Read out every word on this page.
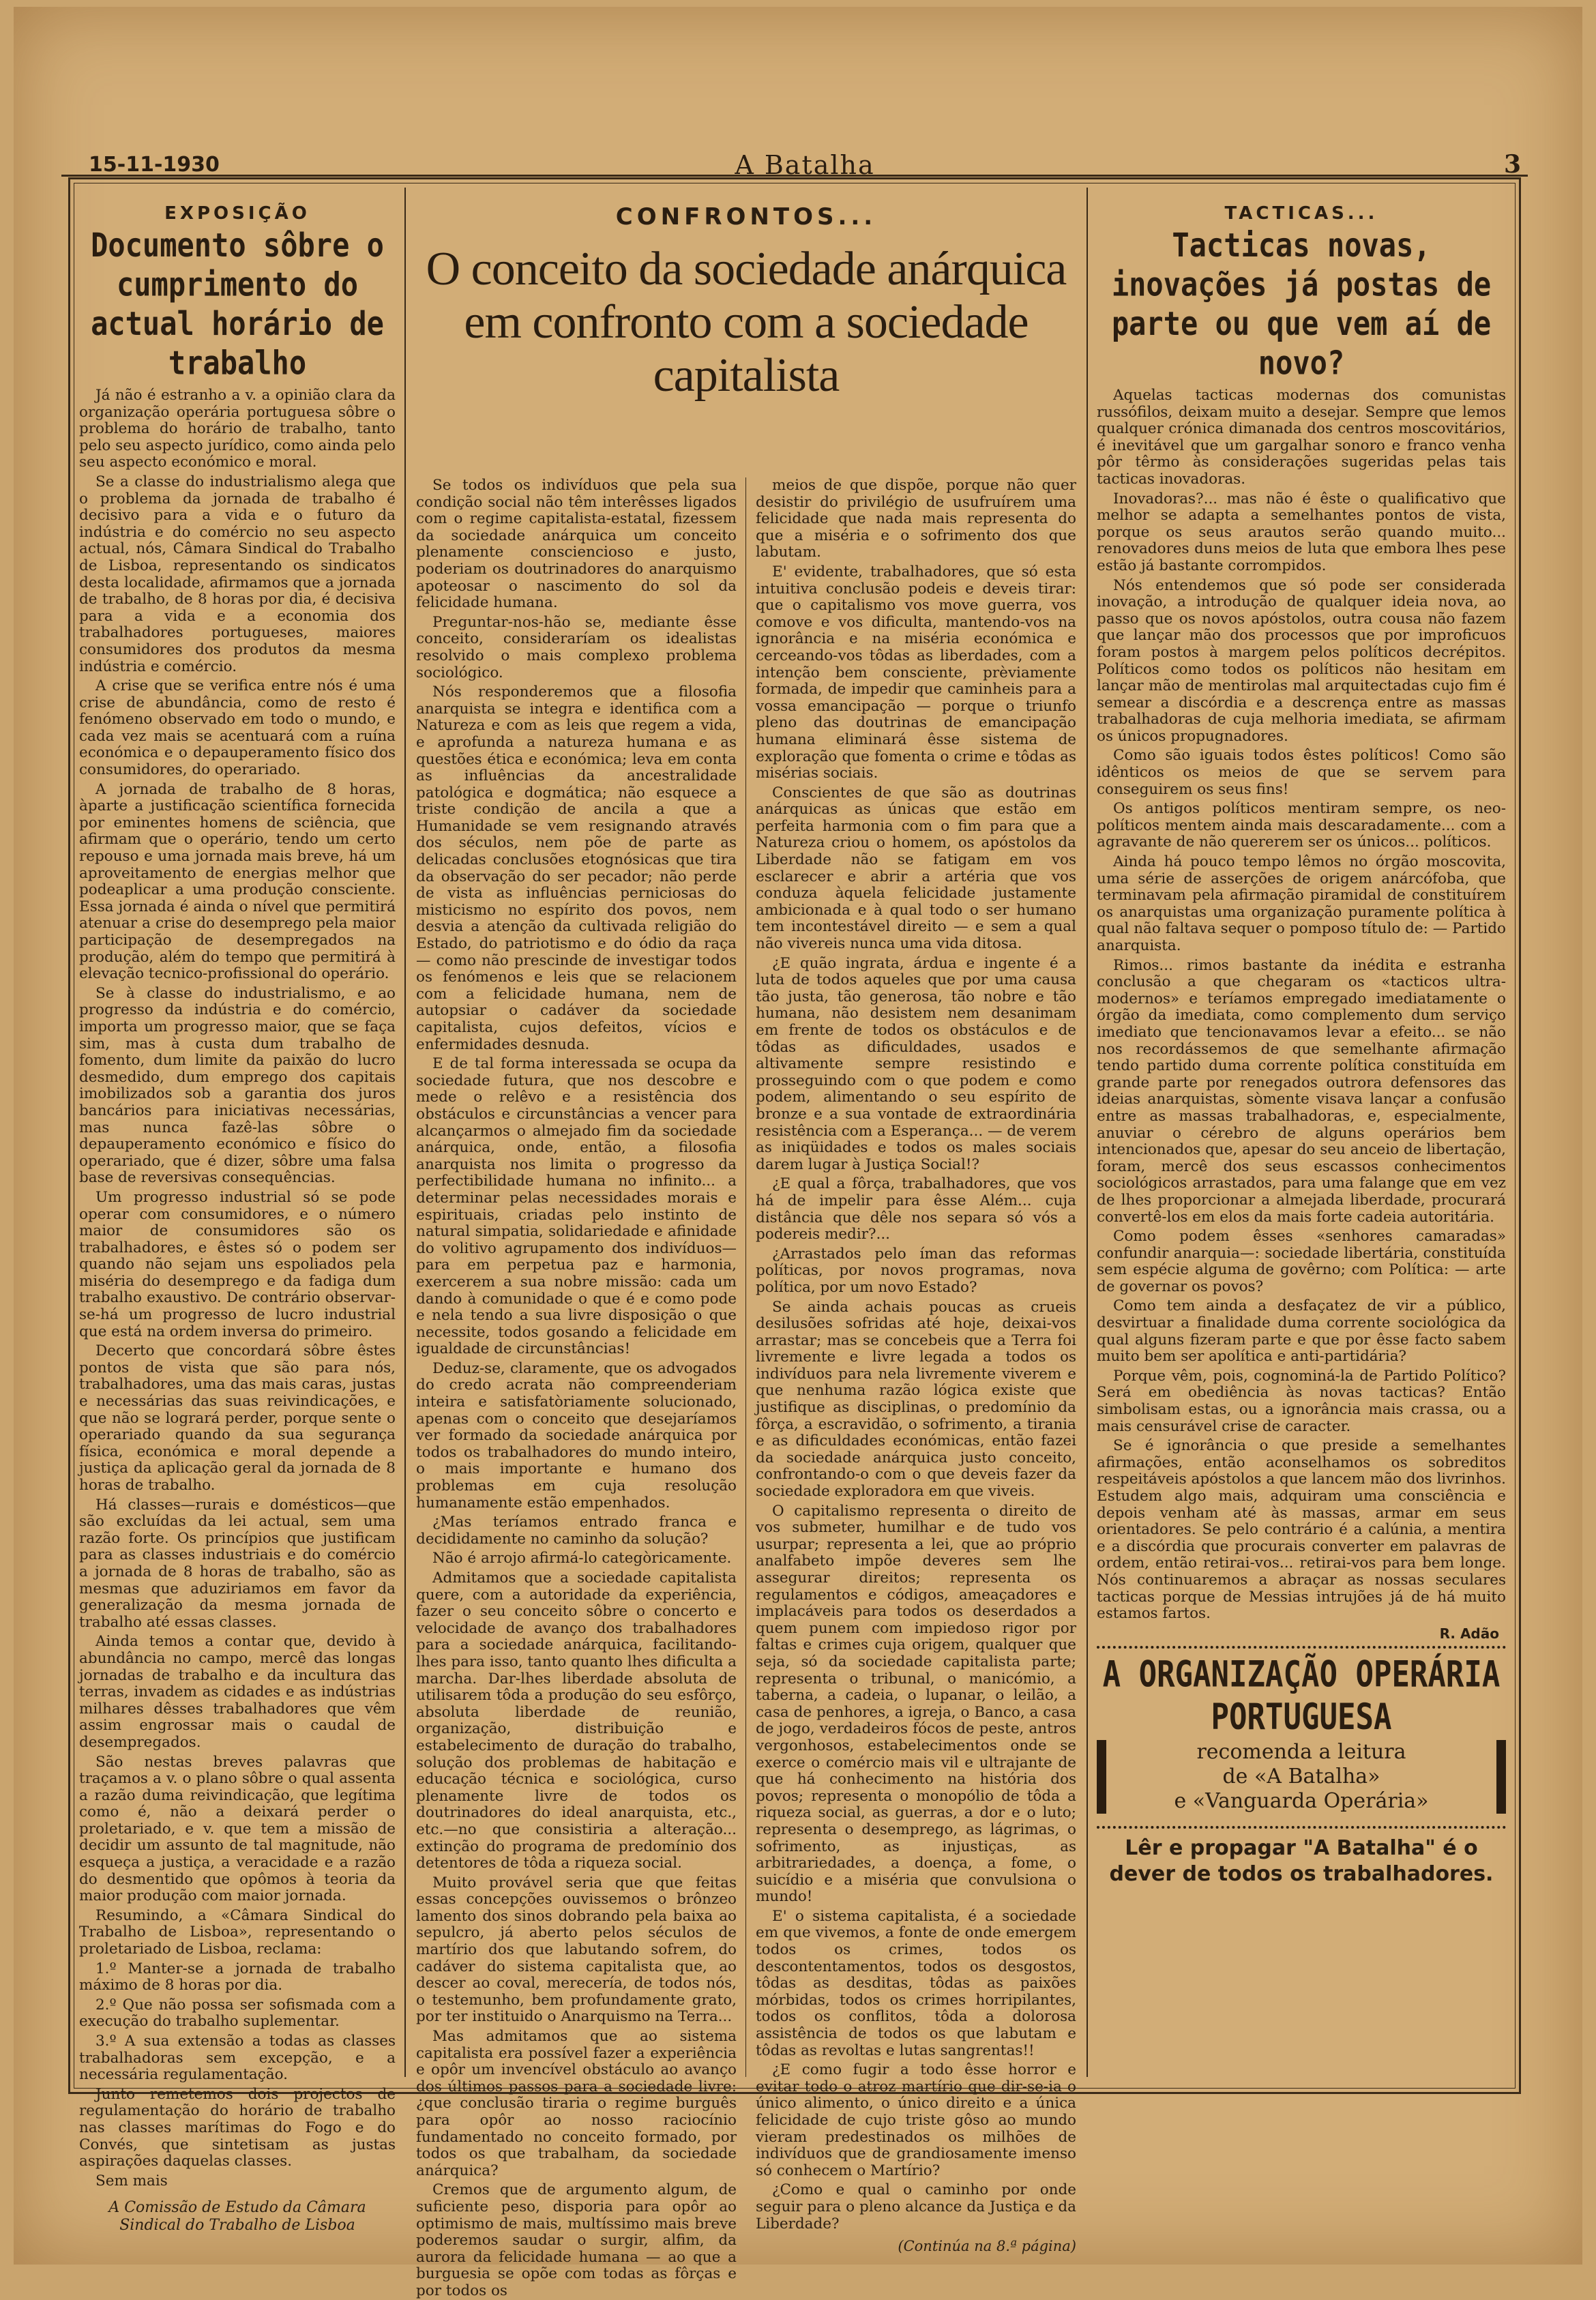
15-11-1930	A Batalha	3
EXPOSIÇÃO
Documento sôbre o cumprimento do actual horário de trabalho

Já não é estranho a v. a opinião clara da organização operária portuguesa sôbre o problema do horário de trabalho, tanto pelo seu aspecto jurídico, como ainda pelo seu aspecto económico e moral.

Se a classe do industrialismo alega que o problema da jornada de trabalho é decisivo para a vida e o futuro da indústria e do comércio no seu aspecto actual, nós, Câmara Sindical do Trabalho de Lisboa, representando os sindicatos desta localidade, afirmamos que a jornada de trabalho, de 8 horas por dia, é decisiva para a vida e a economia dos trabalhadores portugueses, maiores consumidores dos produtos da mesma indústria e comércio.

A crise que se verifica entre nós é uma crise de abundância, como de resto é fenómeno observado em todo o mundo, e cada vez mais se acentuará com a ruína económica e o depauperamento físico dos consumidores, do operariado.

A jornada de trabalho de 8 horas, àparte a justificação scientífica fornecida por eminentes homens de sciência, que afirmam que o operário, tendo um certo repouso e uma jornada mais breve, há um aproveitamento de energias melhor que podeaplicar a uma produção consciente. Essa jornada é ainda o nível que permitirá atenuar a crise do desemprego pela maior participação de desempregados na produção, além do tempo que permitirá à elevação tecnico-profissional do operário.

Se à classe do industrialismo, e ao progresso da indústria e do comércio, importa um progresso maior, que se faça sim, mas à custa dum trabalho de fomento, dum limite da paixão do lucro desmedido, dum emprego dos capitais imobilizados sob a garantia dos juros bancários para iniciativas necessárias, mas nunca fazê-las sôbre o depauperamento económico e físico do operariado, que é dizer, sôbre uma falsa base de reversivas consequências.

Um progresso industrial só se pode operar com consumidores, e o número maior de consumidores são os trabalhadores, e êstes só o podem ser quando não sejam uns espoliados pela miséria do desemprego e da fadiga dum trabalho exaustivo. De contrário observar-se-há um progresso de lucro industrial que está na ordem inversa do primeiro.

Decerto que concordará sôbre êstes pontos de vista que são para nós, trabalhadores, uma das mais caras, justas e necessárias das suas reivindicações, e que não se logrará perder, porque sente o operariado quando da sua segurança física, económica e moral depende a justiça da aplicação geral da jornada de 8 horas de trabalho.

Há classes—rurais e domésticos—que são excluídas da lei actual, sem uma razão forte. Os princípios que justificam para as classes industriais e do comércio a jornada de 8 horas de trabalho, são as mesmas que aduziriamos em favor da generalização da mesma jornada de trabalho até essas classes.

Ainda temos a contar que, devido à abundância no campo, mercê das longas jornadas de trabalho e da incultura das terras, invadem as cidades e as indústrias milhares dêsses trabalhadores que vêm assim engrossar mais o caudal de desempregados.

São nestas breves palavras que traçamos a v. o plano sôbre o qual assenta a razão duma reivindicação, que legítima como é, não a deixará perder o proletariado, e v. que tem a missão de decidir um assunto de tal magnitude, não esqueça a justiça, a veracidade e a razão do desmentido que opômos à teoria da maior produção com maior jornada.

Resumindo, a «Câmara Sindical do Trabalho de Lisboa», representando o proletariado de Lisboa, reclama:

1.º Manter-se a jornada de trabalho máximo de 8 horas por dia.

2.º Que não possa ser sofismada com a execução do trabalho suplementar.

3.º A sua extensão a todas as classes trabalhadoras sem excepção, e a necessária regulamentação.

Junto remetemos dois projectos de regulamentação do horário de trabalho nas classes marítimas do Fogo e do Convés, que sintetisam as justas aspirações daquelas classes.

Sem mais

A Comissão de Estudo da Câmara Sindical do Trabalho de Lisboa
CONFRONTOS...
O conceito da sociedade anárquica em confronto com a sociedade capitalista

Se todos os indivíduos que pela sua condição social não têm interêsses ligados com o regime capitalista-estatal, fizessem da sociedade anárquica um conceito plenamente consciencioso e justo, poderiam os doutrinadores do anarquismo apoteosar o nascimento do sol da felicidade humana.

Preguntar-nos-hão se, mediante êsse conceito, consideraríam os idealistas resolvido o mais complexo problema sociológico.

Nós responderemos que a filosofia anarquista se integra e identifica com a Natureza e com as leis que regem a vida, e aprofunda a natureza humana e as questões ética e económica; leva em conta as influências da ancestralidade patológica e dogmática; não esquece a triste condição de ancila a que a Humanidade se vem resignando através dos séculos, nem põe de parte as delicadas conclusões etognósicas que tira da observação do ser pecador; não perde de vista as influências perniciosas do misticismo no espírito dos povos, nem desvia a atenção da cultivada religião do Estado, do patriotismo e do ódio da raça — como não prescinde de investigar todos os fenómenos e leis que se relacionem com a felicidade humana, nem de autopsiar o cadáver da sociedade capitalista, cujos defeitos, vícios e enfermidades desnuda.

E de tal forma interessada se ocupa da sociedade futura, que nos descobre e mede o relêvo e a resistência dos obstáculos e circunstâncias a vencer para alcançarmos o almejado fim da sociedade anárquica, onde, então, a filosofia anarquista nos limita o progresso da perfectibilidade humana no infinito... a determinar pelas necessidades morais e espirituais, criadas pelo instinto de natural simpatia, solidariedade e afinidade do volitivo agrupamento dos indivíduos—para em perpetua paz e harmonia, exercerem a sua nobre missão: cada um dando à comunidade o que é e como pode e nela tendo a sua livre disposição o que necessite, todos gosando a felicidade em igualdade de circunstâncias!

Deduz-se, claramente, que os advogados do credo acrata não compreenderiam inteira e satisfatòriamente solucionado, apenas com o conceito que desejaríamos ver formado da sociedade anárquica por todos os trabalhadores do mundo inteiro, o mais importante e humano dos problemas em cuja resolução humanamente estão empenhados.

¿Mas teríamos entrado franca e decididamente no caminho da solução?

Não é arrojo afirmá-lo categòricamente.

Admitamos que a sociedade capitalista quere, com a autoridade da experiência, fazer o seu conceito sôbre o concerto e velocidade de avanço dos trabalhadores para a sociedade anárquica, facilitando-lhes para isso, tanto quanto lhes dificulta a marcha. Dar-lhes liberdade absoluta de utilisarem tôda a produção do seu esfôrço, absoluta liberdade de reunião, organização, distribuição e estabelecimento de duração do trabalho, solução dos problemas de habitação e educação técnica e sociológica, curso plenamente livre de todos os doutrinadores do ideal anarquista, etc., etc.—no que consistiria a alteração... extinção do programa de predomínio dos detentores de tôda a riqueza social.

Muito provável seria que que feitas essas concepções ouvissemos o brônzeo lamento dos sinos dobrando pela baixa ao sepulcro, já aberto pelos séculos de martírio dos que labutando sofrem, do cadáver do sistema capitalista que, ao descer ao coval, merecería, de todos nós, o testemunho, bem profundamente grato, por ter instituido o Anarquismo na Terra...

Mas admitamos que ao sistema capitalista era possível fazer a experiência e opôr um invencível obstáculo ao avanço dos últimos passos para a sociedade livre: ¿que conclusão tiraria o regime burguês para opôr ao nosso raciocínio fundamentado no conceito formado, por todos os que trabalham, da sociedade anárquica?

Cremos que de argumento algum, de suficiente peso, disporia para opôr ao optimismo de mais, multíssimo mais breve poderemos saudar o surgir, alfim, da aurora da felicidade humana — ao que a burguesia se opõe com todas as fôrças e por todos os

meios de que dispõe, porque não quer desistir do privilégio de usufruírem uma felicidade que nada mais representa do que a miséria e o sofrimento dos que labutam.

E' evidente, trabalhadores, que só esta intuitiva conclusão podeis e deveis tirar: que o capitalismo vos move guerra, vos comove e vos dificulta, mantendo-vos na ignorância e na miséria económica e cerceando-vos tôdas as liberdades, com a intenção bem consciente, prèviamente formada, de impedir que caminheis para a vossa emancipação — porque o triunfo pleno das doutrinas de emancipação humana eliminará êsse sistema de exploração que fomenta o crime e tôdas as misérias sociais.

Conscientes de que são as doutrinas anárquicas as únicas que estão em perfeita harmonia com o fim para que a Natureza criou o homem, os apóstolos da Liberdade não se fatigam em vos esclarecer e abrir a artéria que vos conduza àquela felicidade justamente ambicionada e à qual todo o ser humano tem incontestável direito — e sem a qual não vivereis nunca uma vida ditosa.

¿E quão ingrata, árdua e ingente é a luta de todos aqueles que por uma causa tão justa, tão generosa, tão nobre e tão humana, não desistem nem desanimam em frente de todos os obstáculos e de tôdas as dificuldades, usados e altivamente sempre resistindo e prosseguindo com o que podem e como podem, alimentando o seu espírito de bronze e a sua vontade de extraordinária resistência com a Esperança... — de verem as iniqüidades e todos os males sociais darem lugar à Justiça Social!?

¿E qual a fôrça, trabalhadores, que vos há de impelir para êsse Além... cuja distância que dêle nos separa só vós a podereis medir?...

¿Arrastados pelo íman das reformas políticas, por novos programas, nova política, por um novo Estado?

Se ainda achais poucas as crueis desilusões sofridas até hoje, deixai-vos arrastar; mas se concebeis que a Terra foi livremente e livre legada a todos os indivíduos para nela livremente viverem e que nenhuma razão lógica existe que justifique as disciplinas, o predomínio da fôrça, a escravidão, o sofrimento, a tirania e as dificuldades económicas, então fazei da sociedade anárquica justo conceito, confrontando-o com o que deveis fazer da sociedade exploradora em que viveis.

O capitalismo representa o direito de vos submeter, humilhar e de tudo vos usurpar; representa a lei, que ao próprio analfabeto impõe deveres sem lhe assegurar direitos; representa os regulamentos e códigos, ameaçadores e implacáveis para todos os deserdados a quem punem com impiedoso rigor por faltas e crimes cuja origem, qualquer que seja, só da sociedade capitalista parte; representa o tribunal, o manicómio, a taberna, a cadeia, o lupanar, o leilão, a casa de penhores, a igreja, o Banco, a casa de jogo, verdadeiros fócos de peste, antros vergonhosos, estabelecimentos onde se exerce o comércio mais vil e ultrajante de que há conhecimento na história dos povos; representa o monopólio de tôda a riqueza social, as guerras, a dor e o luto; representa o desemprego, as lágrimas, o sofrimento, as injustiças, as arbitrariedades, a doença, a fome, o suicídio e a miséria que convulsiona o mundo!

E' o sistema capitalista, é a sociedade em que vivemos, a fonte de onde emergem todos os crimes, todos os descontentamentos, todos os desgostos, tôdas as desditas, tôdas as paixões mórbidas, todos os crimes horripilantes, todos os conflitos, tôda a dolorosa assistência de todos os que labutam e tôdas as revoltas e lutas sangrentas!!

¿E como fugir a todo êsse horror e evitar todo o atroz martírio que dir-se-ia o único alimento, o único direito e a única felicidade de cujo triste gôso ao mundo vieram predestinados os milhões de indivíduos que de grandiosamente imenso só conhecem o Martírio?

¿Como e qual o caminho por onde seguir para o pleno alcance da Justiça e da Liberdade?

(Continúa na 8.ª página)
TACTICAS...
Tacticas novas, inovações já postas de parte ou que vem aí de novo?

Aquelas tacticas modernas dos comunistas russófilos, deixam muito a desejar. Sempre que lemos qualquer crónica dimanada dos centros moscovitários, é inevitável que um gargalhar sonoro e franco venha pôr têrmo às considerações sugeridas pelas tais tacticas inovadoras.

Inovadoras?... mas não é êste o qualificativo que melhor se adapta a semelhantes pontos de vista, porque os seus arautos serão quando muito... renovadores duns meios de luta que embora lhes pese estão já bastante corrompidos.

Nós entendemos que só pode ser considerada inovação, a introdução de qualquer ideia nova, ao passo que os novos apóstolos, outra cousa não fazem que lançar mão dos processos que por improficuos foram postos à margem pelos políticos decrépitos. Políticos como todos os políticos não hesitam em lançar mão de mentirolas mal arquitectadas cujo fim é semear a discórdia e a descrença entre as massas trabalhadoras de cuja melhoria imediata, se afirmam os únicos propugnadores.

Como são iguais todos êstes políticos! Como são idênticos os meios de que se servem para conseguirem os seus fins!

Os antigos políticos mentiram sempre, os neo-políticos mentem ainda mais descaradamente... com a agravante de não quererem ser os únicos... políticos.

Ainda há pouco tempo lêmos no órgão moscovita, uma série de asserções de origem anárcófoba, que terminavam pela afirmação piramidal de constituírem os anarquistas uma organização puramente política à qual não faltava sequer o pomposo título de: — Partido anarquista.

Rimos... rimos bastante da inédita e estranha conclusão a que chegaram os «tacticos ultra-modernos» e teríamos empregado imediatamente o órgão da imediata, como complemento dum serviço imediato que tencionavamos levar a efeito... se não nos recordássemos de que semelhante afirmação tendo partido duma corrente política constituída em grande parte por renegados outrora defensores das ideias anarquistas, sòmente visava lançar a confusão entre as massas trabalhadoras, e, especialmente, anuviar o cérebro de alguns operários bem intencionados que, apesar do seu anceio de libertação, foram, mercê dos seus escassos conhecimentos sociológicos arrastados, para uma falange que em vez de lhes proporcionar a almejada liberdade, procurará convertê-los em elos da mais forte cadeia autoritária.

Como podem êsses «senhores camaradas» confundir anarquia—: sociedade libertária, constituída sem espécie alguma de govêrno; com Política: — arte de governar os povos?

Como tem ainda a desfaçatez de vir a público, desvirtuar a finalidade duma corrente sociológica da qual alguns fizeram parte e que por êsse facto sabem muito bem ser apolítica e anti-partidária?

Porque vêm, pois, cognominá-la de Partido Político? Será em obediência às novas tacticas? Então simbolisam estas, ou a ignorância mais crassa, ou a mais censurável crise de caracter.

Se é ignorância o que preside a semelhantes afirmações, então aconselhamos os sobreditos respeitáveis apóstolos a que lancem mão dos livrinhos. Estudem algo mais, adquiram uma consciência e depois venham até às massas, armar em seus orientadores. Se pelo contrário é a calúnia, a mentira e a discórdia que procurais converter em palavras de ordem, então retirai-vos... retirai-vos para bem longe. Nós continuaremos a abraçar as nossas seculares tacticas porque de Messias intrujões já de há muito estamos fartos.

R. Adão
A ORGANIZAÇÃO OPERÁRIA PORTUGUESA
recomenda a leitura
de «A Batalha»
e «Vanguarda Operária»
Lêr e propagar "A Batalha" é o dever de todos os trabalhadores.
